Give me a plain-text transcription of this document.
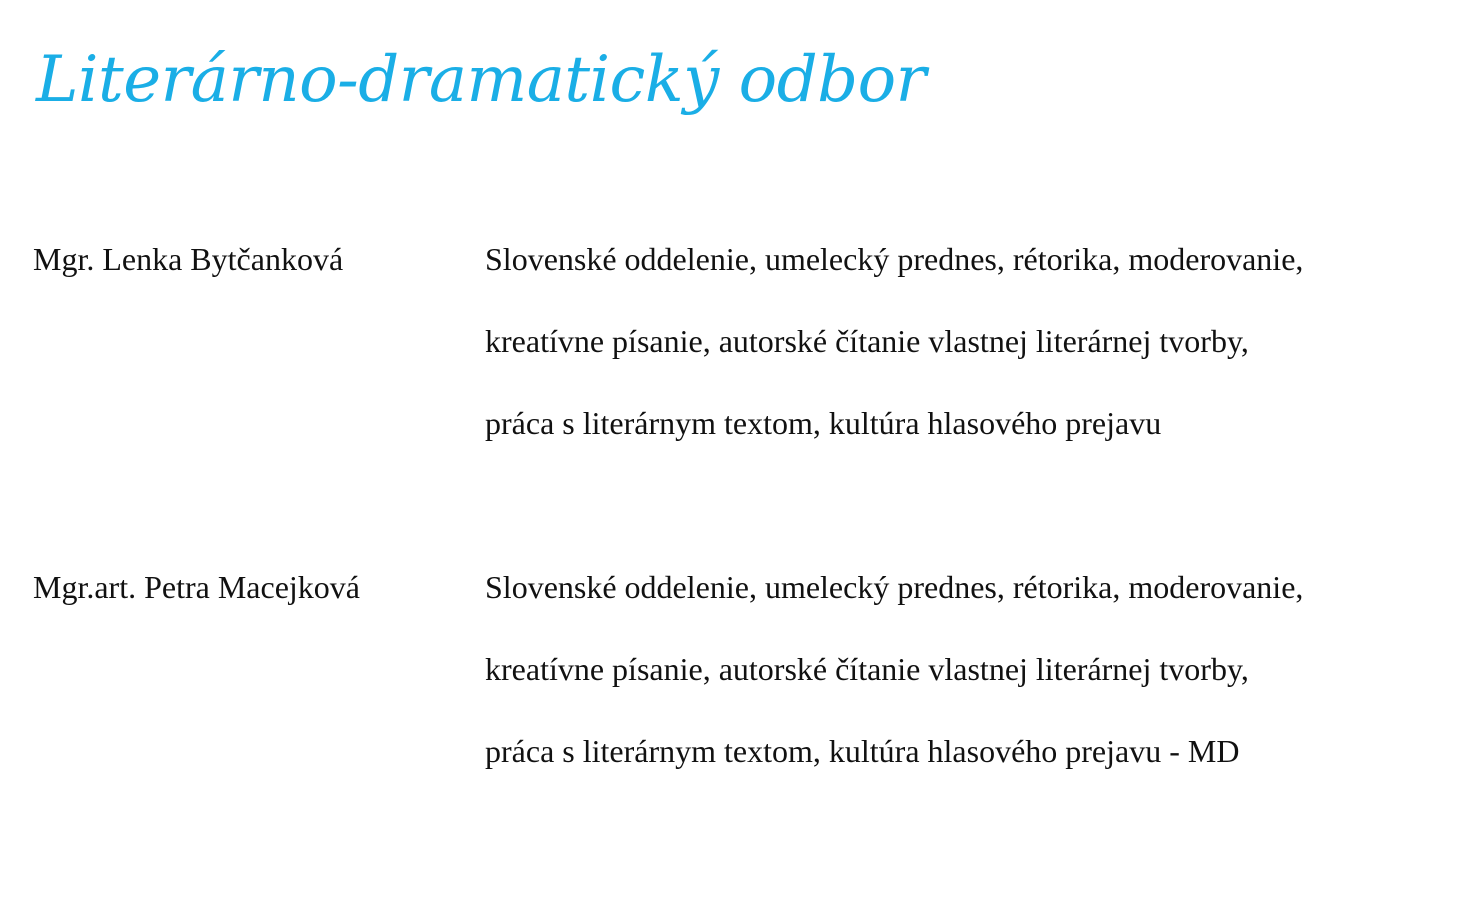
Literárno-dramatický odbor
Mgr. Lenka Bytčanková	Slovenské oddelenie, umelecký prednes, rétorika, moderovanie,
kreatívne písanie, autorské čítanie vlastnej literárnej tvorby,
práca s literárnym textom, kultúra hlasového prejavu
Mgr.art. Petra Macejková	Slovenské oddelenie, umelecký prednes, rétorika, moderovanie,
kreatívne písanie, autorské čítanie vlastnej literárnej tvorby,
práca s literárnym textom, kultúra hlasového prejavu - MD
